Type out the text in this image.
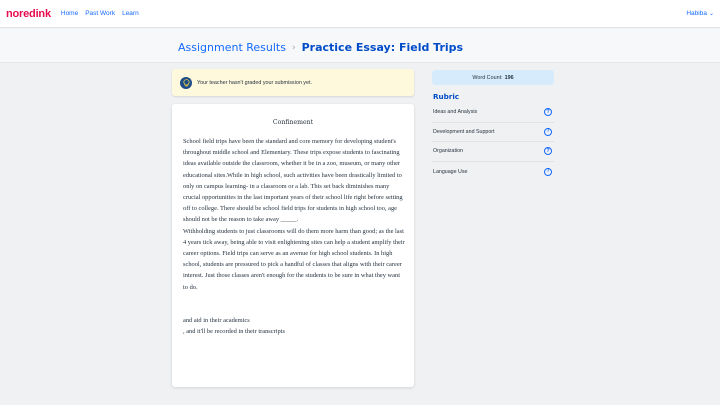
noredink Home Past Work Learn	Habiba ⌄
Assignment Results › Practice Essay: Field Trips
Your teacher hasn't graded your submission yet.
Confinement

School field trips have been the standard and core memory for developing student's throughout middle school and Elementary. These trips expose students to fascinating ideas available outside the classroom, whether it be in a zoo, museum, or many other educational sites.While in high school, such activities have been drastically limited to only on campus learning- in a classroom or a lab. This set back diminishes many crucial opportunities in the last important years of their school life right before setting off to college. There should be school field trips for students in high school too, age should not be the reason to take away _____.

Withholding students to just classrooms will do them more harm than good; as the last 4 years tick away, being able to visit enlightening sites can help a student amplify their career options. Field trips can serve as an avenue for high school students. In high school, students are pressured to pick a handful of classes that aligns with their career interest. Just those classes aren't enough for the students to be sure in what they want to do.

and aid in their academics

, and it'll be recorded in their transcripts

Word Count: 196
Rubric
Ideas and Analysis	?
Development and Support	?
Organization	?
Language Use	?
